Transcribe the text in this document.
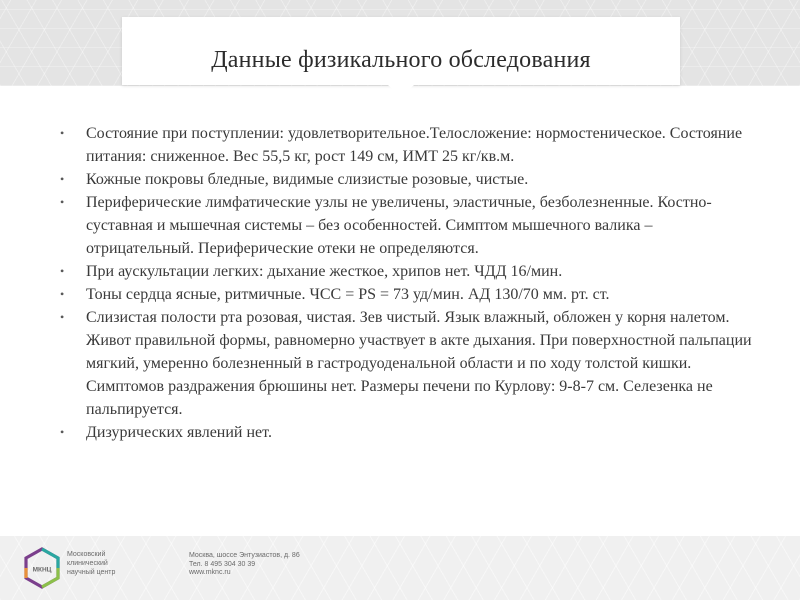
Данные физикального обследования
•	Состояние при поступлении: удовлетворительное.Телосложение: нормостеническое. Состояние питания: сниженное. Вес 55,5 кг, рост 149 см, ИМТ 25 кг/кв.м.
•	Кожные покровы бледные, видимые слизистые розовые, чистые.
•	Периферические лимфатические узлы не увеличены, эластичные, безболезненные. Костно-суставная и мышечная системы – без особенностей. Симптом мышечного валика – отрицательный. Периферические отеки не определяются.
•	При аускультации легких: дыхание жесткое, хрипов нет. ЧДД 16/мин.
•	Тоны сердца ясные, ритмичные. ЧСС = PS = 73 уд/мин. АД 130/70 мм. рт. ст.
•	Слизистая полости рта розовая, чистая. Зев чистый. Язык влажный, обложен у корня налетом. Живот правильной формы, равномерно участвует в акте дыхания. При поверхностной пальпации мягкий, умеренно болезненный в гастродуоденальной области и по ходу толстой кишки. Симптомов раздражения брюшины нет. Размеры печени по Курлову: 9-8-7 см. Селезенка не пальпируется.
•	Дизурических явлений нет.
МКНЦ
Московский
клинический
научный центр
Москва, шоссе Энтузиастов, д. 86
Тел. 8 495 304 30 39
www.mknc.ru
